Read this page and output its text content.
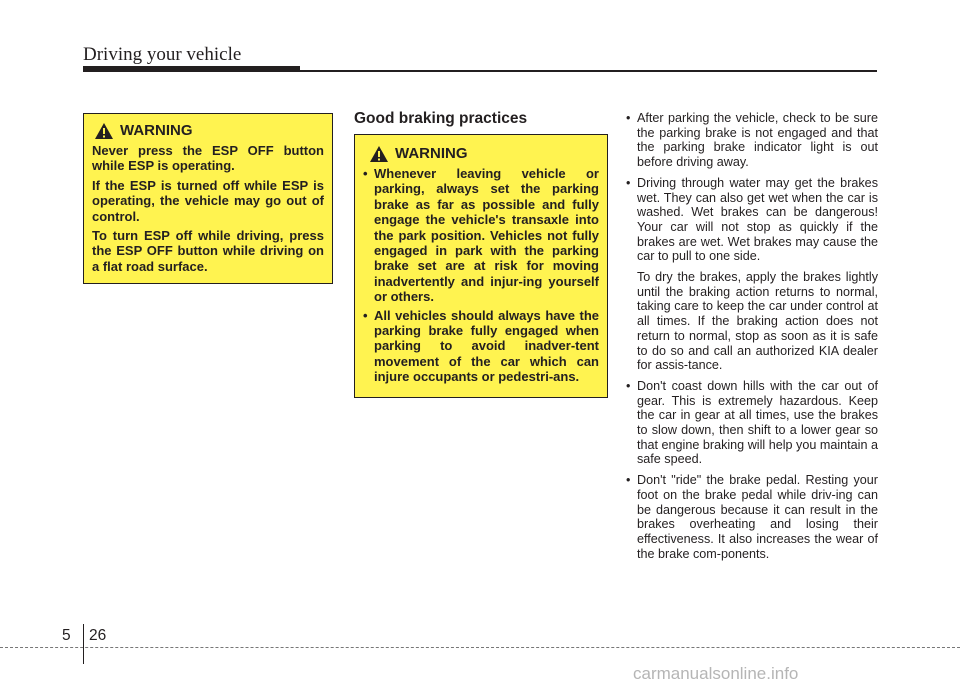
Driving your vehicle
WARNING

Never press the ESP OFF button while ESP is operating.

If the ESP is turned off while ESP is operating, the vehicle may go out of control.

To turn ESP off while driving, press the ESP OFF button while driving on a flat road surface.

Good braking practices
WARNING
• Whenever leaving vehicle or parking, always set the parking brake as far as possible and fully engage the vehicle's transaxle into the park position. Vehicles not fully engaged in park with the parking brake set are at risk for moving inadvertently and injur-ing yourself or others.
• All vehicles should always have the parking brake fully engaged when parking to avoid inadver-tent movement of the car which can injure occupants or pedestri-ans.
• After parking the vehicle, check to be sure the parking brake is not engaged and that the parking brake indicator light is out before driving away.
• Driving through water may get the brakes wet. They can also get wet when the car is washed. Wet brakes can be dangerous! Your car will not stop as quickly if the brakes are wet. Wet brakes may cause the car to pull to one side.

To dry the brakes, apply the brakes lightly until the braking action returns to normal, taking care to keep the car under control at all times. If the braking action does not return to normal, stop as soon as it is safe to do so and call an authorized KIA dealer for assis-tance.

• Don't coast down hills with the car out of gear. This is extremely hazardous. Keep the car in gear at all times, use the brakes to slow down, then shift to a lower gear so that engine braking will help you maintain a safe speed.
• Don't "ride" the brake pedal. Resting your foot on the brake pedal while driv-ing can be dangerous because it can result in the brakes overheating and losing their effectiveness. It also increases the wear of the brake com-ponents.
5 26
carmanualsonline.info
